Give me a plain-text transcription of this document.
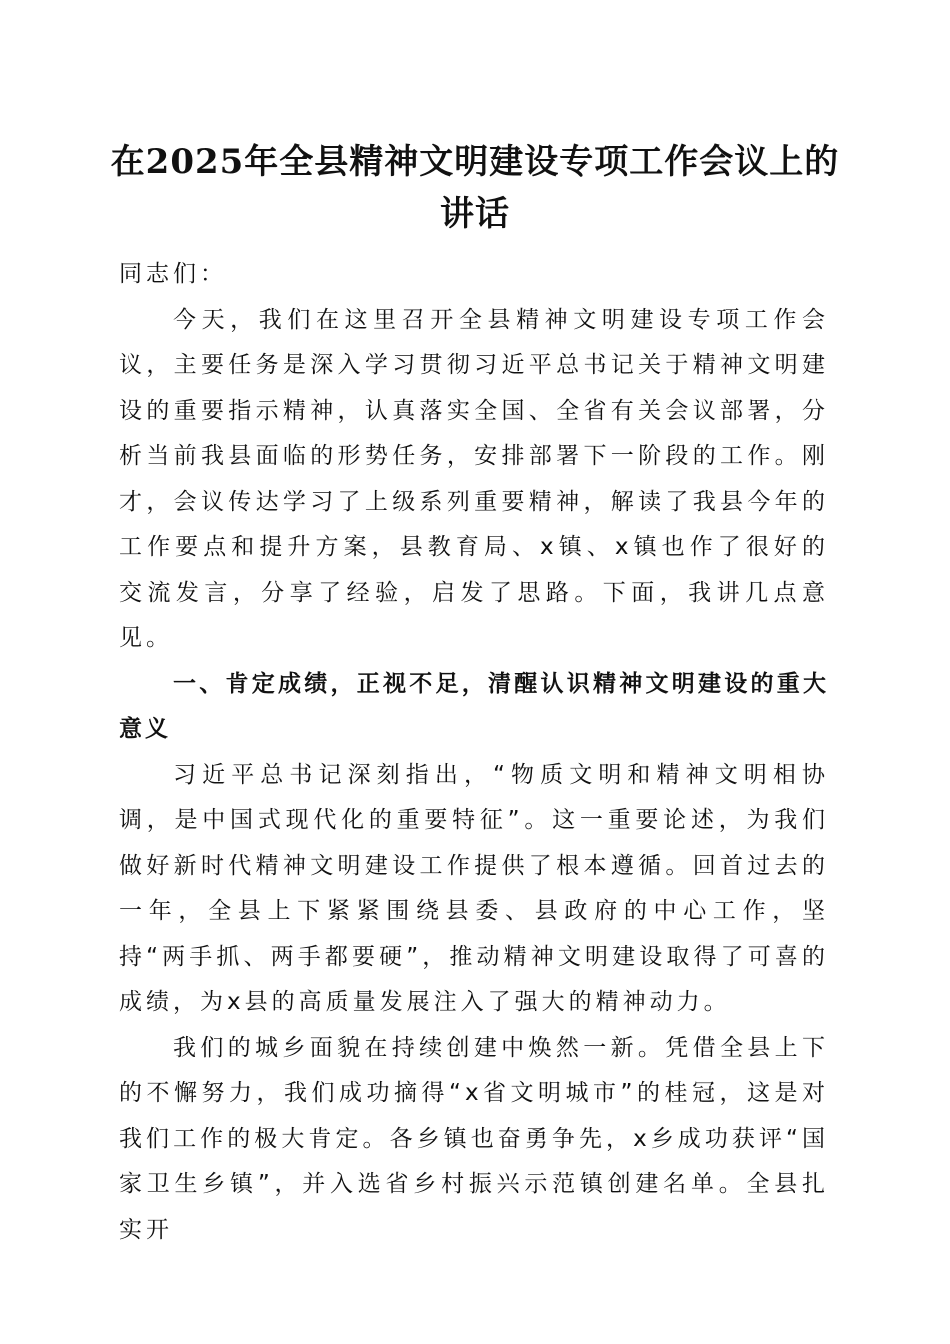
在2025年全县精神文明建设专项工作会议上的讲话

同志们：

今天，我们在这里召开全县精神文明建设专项工作会议，主要任务是深入学习贯彻习近平总书记关于精神文明建设的重要指示精神，认真落实全国、全省有关会议部署，分析当前我县面临的形势任务，安排部署下一阶段的工作。刚才，会议传达学习了上级系列重要精神，解读了我县今年的工作要点和提升方案，县教育局、x镇、x镇也作了很好的交流发言，分享了经验，启发了思路。下面，我讲几点意见。

一、肯定成绩，正视不足，清醒认识精神文明建设的重大意义

习近平总书记深刻指出，“物质文明和精神文明相协调，是中国式现代化的重要特征”。这一重要论述，为我们做好新时代精神文明建设工作提供了根本遵循。回首过去的一年，全县上下紧紧围绕县委、县政府的中心工作，坚持“两手抓、两手都要硬”，推动精神文明建设取得了可喜的成绩，为x县的高质量发展注入了强大的精神动力。

我们的城乡面貌在持续创建中焕然一新。凭借全县上下的不懈努力，我们成功摘得“x省文明城市”的桂冠，这是对我们工作的极大肯定。各乡镇也奋勇争先，x乡成功获评“国家卫生乡镇”，并入选省乡村振兴示范镇创建名单。全县扎实开
